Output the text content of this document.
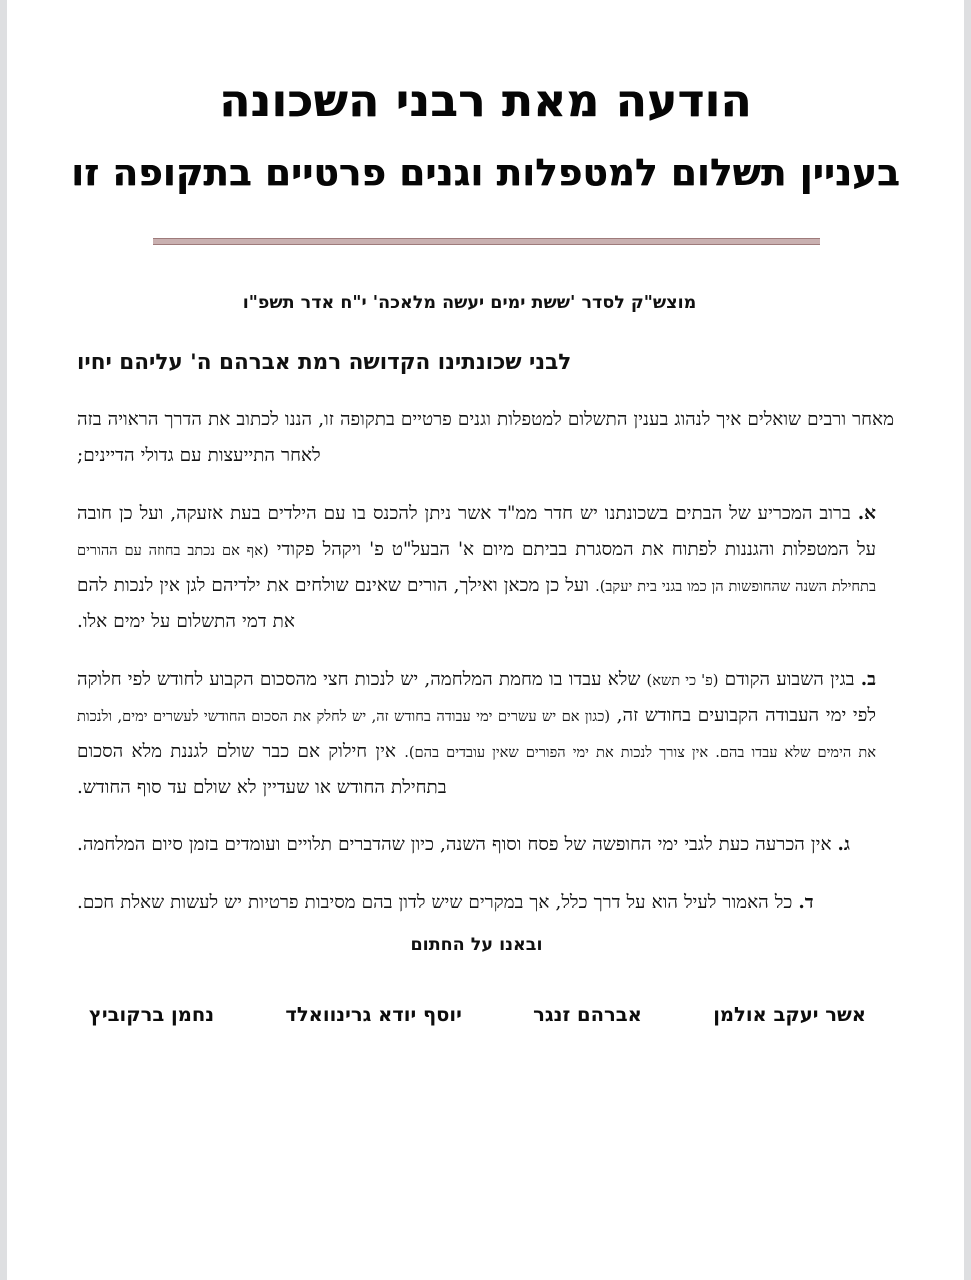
הודעה מאת רבני השכונה
בעניין תשלום למטפלות וגנים פרטיים בתקופה זו
מוצש"ק לסדר 'ששת ימים יעשה מלאכה' י"ח אדר תשפ"ו
לבני שכונתינו הקדושה רמת אברהם ה' עליהם יחיו

מאחר ורבים שואלים איך לנהוג בענין התשלום למטפלות וגנים פרטיים בתקופה זו, הננו לכתוב את הדרך הראויה בזה לאחר התייעצות עם גדולי הדיינים;

א. ברוב המכריע של הבתים בשכונתנו יש חדר ממ"ד אשר ניתן להכנס בו עם הילדים בעת אזעקה, ועל כן חובה על המטפלות והגננות לפתוח את המסגרת בביתם מיום א' הבעל"ט פ' ויקהל פקודי (אף אם נכתב בחוזה עם ההורים בתחילת השנה שהחופשות הן כמו בגני בית יעקב). ועל כן מכאן ואילך, הורים שאינם שולחים את ילדיהם לגן אין לנכות להם את דמי התשלום על ימים אלו.

ב. בגין השבוע הקודם (פ' כי תשא) שלא עבדו בו מחמת המלחמה, יש לנכות חצי מהסכום הקבוע לחודש לפי חלוקה לפי ימי העבודה הקבועים בחודש זה, (כגון אם יש עשרים ימי עבודה בחודש זה, יש לחלק את הסכום החודשי לעשרים ימים, ולנכות את הימים שלא עבדו בהם. אין צורך לנכות את ימי הפורים שאין עובדים בהם). אין חילוק אם כבר שולם לגננת מלא הסכום בתחילת החודש או שעדיין לא שולם עד סוף החודש.

ג. אין הכרעה כעת לגבי ימי החופשה של פסח וסוף השנה, כיון שהדברים תלויים ועומדים בזמן סיום המלחמה.

ד. כל האמור לעיל הוא על דרך כלל, אך במקרים שיש לדון בהם מסיבות פרטיות יש לעשות שאלת חכם.

ובאנו על החתום
אשר יעקב אולמן
אברהם זנגר
יוסף יודא גרינוואלד
נחמן ברקוביץ
